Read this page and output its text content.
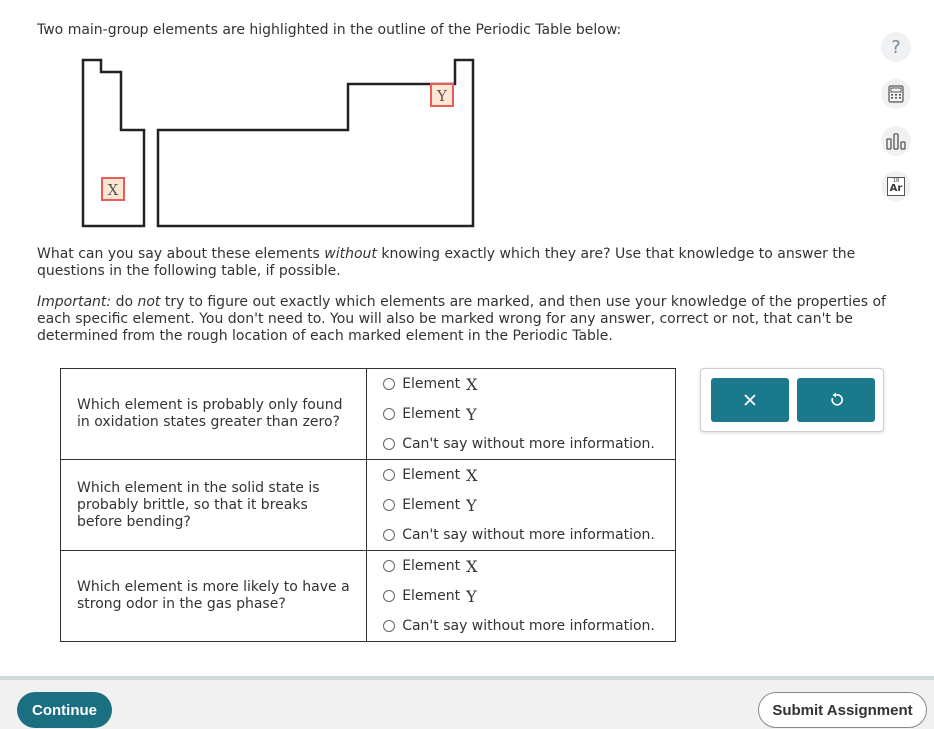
Two main-group elements are highlighted in the outline of the Periodic Table below:
X
Y
What can you say about these elements without knowing exactly which they are? Use that knowledge to answer the questions in the following table, if possible.
Important: do not try to figure out exactly which elements are marked, and then use your knowledge of the properties of each specific element. You don't need to. You will also be marked wrong for any answer, correct or not, that can't be determined from the rough location of each marked element in the Periodic Table.
Which element is probably only found in oxidation states greater than zero?	Element X
Element Y
Can't say without more information.

Which element in the solid state is probably brittle, so that it breaks before bending?	Element X
Element Y
Can't say without more information.

Which element is more likely to have a strong odor in the gas phase?	Element X
Element Y
Can't say without more information.
?
18
Ar
Continue	Submit Assignment
